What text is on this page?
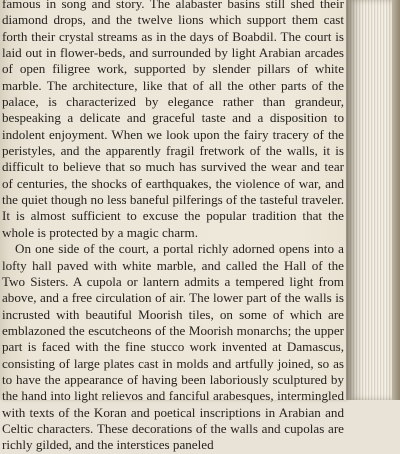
famous in song and story. The alabaster basins still shed their diamond drops, and the twelve lions which support them cast forth their crystal streams as in the days of Boabdil. The court is laid out in flower-beds, and surrounded by light Arabian arcades of open filigree work, supported by slender pillars of white marble. The architecture, like that of all the other parts of the palace, is characterized by elegance rather than grandeur, bespeaking a delicate and graceful taste and a disposition to indolent enjoyment. When we look upon the fairy tracery of the peristyles, and the apparently fragil fretwork of the walls, it is difficult to believe that so much has survived the wear and tear of centuries, the shocks of earthquakes, the violence of war, and the quiet though no less baneful pilferings of the tasteful traveler. It is almost sufficient to excuse the popular tradition that the whole is protected by a magic charm.

On one side of the court, a portal richly adorned opens into a lofty hall paved with white marble, and called the Hall of the Two Sisters. A cupola or lantern admits a tempered light from above, and a free circulation of air. The lower part of the walls is incrusted with beautiful Moorish tiles, on some of which are emblazoned the escutcheons of the Moorish monarchs; the upper part is faced with the fine stucco work invented at Damascus, consisting of large plates cast in molds and artfully joined, so as to have the appearance of having been laboriously sculptured by the hand into light relievos and fanciful arabesques, intermingled with texts of the Koran and poetical inscriptions in Arabian and Celtic characters. These decorations of the walls and cupolas are richly gilded, and the interstices paneled
